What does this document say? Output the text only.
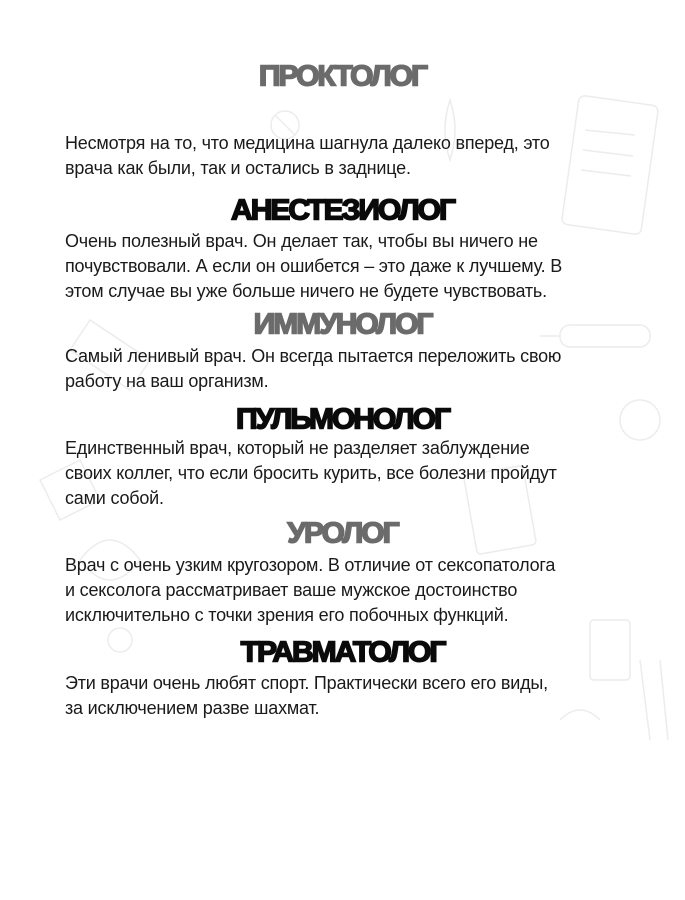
ПРОКТОЛОГ
Несмотря на то, что медицина шагнула далеко вперед, это
врача как были, так и остались в заднице.
АНЕСТЕЗИОЛОГ
Очень полезный врач. Он делает так, чтобы вы ничего не
почувствовали. А если он ошибется – это даже к лучшему. В
этом случае вы уже больше ничего не будете чувствовать.
ИММУНОЛОГ
Самый ленивый врач. Он всегда пытается переложить свою
работу на ваш организм.
ПУЛЬМОНОЛОГ
Единственный врач, который не разделяет заблуждение
своих коллег, что если бросить курить, все болезни пройдут
сами собой.
УРОЛОГ
Врач с очень узким кругозором. В отличие от сексопатолога
и сексолога рассматривает ваше мужское достоинство
исключительно с точки зрения его побочных функций.
ТРАВМАТОЛОГ
Эти врачи очень любят спорт. Практически всего его виды,
за исключением разве шахмат.
